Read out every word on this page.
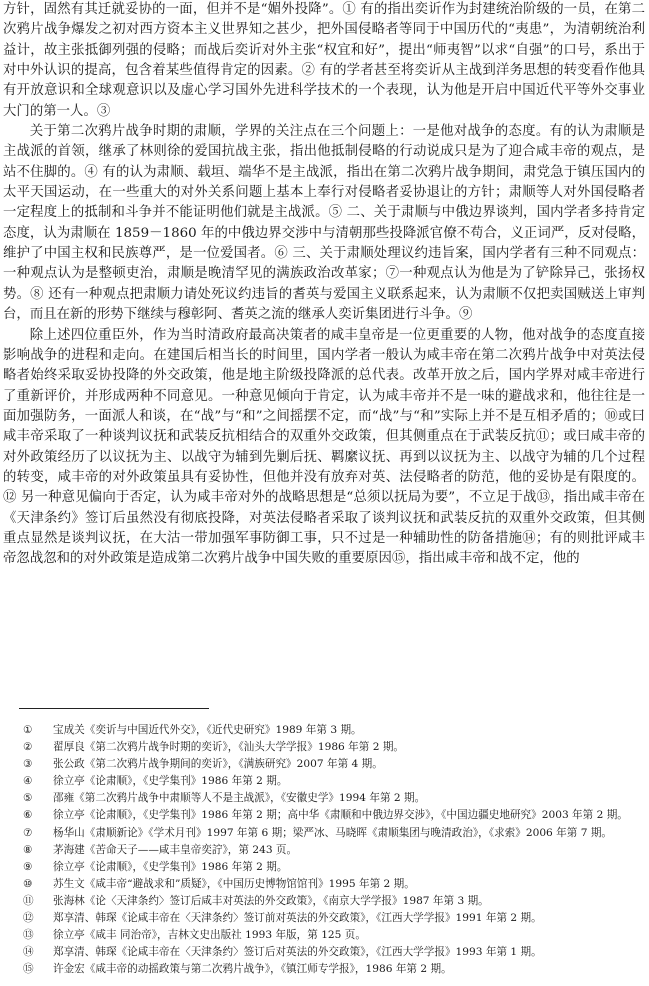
方针，固然有其迁就妥协的一面，但并不是“媚外投降”。① 有的指出奕䜣作为封建统治阶级的一员，在第二次鸦片战争爆发之初对西方资本主义世界知之甚少，把外国侵略者等同于中国历代的“夷患”，为清朝统治利益计，故主张抵御列强的侵略；而战后奕䜣对外主张“权宜和好”，提出“师夷智”以求“自强”的口号，系出于对中外认识的提高，包含着某些值得肯定的因素。② 有的学者甚至将奕䜣从主战到洋务思想的转变看作他具有开放意识和全球观意识以及虚心学习国外先进科学技术的一个表现，认为他是开启中国近代平等外交事业大门的第一人。③

关于第二次鸦片战争时期的肃顺，学界的关注点在三个问题上：一是他对战争的态度。有的认为肃顺是主战派的首领，继承了林则徐的爱国抗战主张，指出他抵制侵略的行动说成只是为了迎合咸丰帝的观点，是站不住脚的。④ 有的认为肃顺、载垣、端华不是主战派，指出在第二次鸦片战争期间，肃党急于镇压国内的太平天国运动，在一些重大的对外关系问题上基本上奉行对侵略者妥协退让的方针；肃顺等人对外国侵略者一定程度上的抵制和斗争并不能证明他们就是主战派。⑤ 二、关于肃顺与中俄边界谈判，国内学者多持肯定态度，认为肃顺在 1859－1860 年的中俄边界交涉中与清朝那些投降派官僚不苟合，义正词严，反对侵略，维护了中国主权和民族尊严，是一位爱国者。⑥ 三、关于肃顺处理议约违旨案，国内学者有三种不同观点：一种观点认为是整顿吏治，肃顺是晚清罕见的满族政治改革家；⑦一种观点认为他是为了铲除异己，张扬权势。⑧ 还有一种观点把肃顺力请处死议约违旨的耆英与爱国主义联系起来，认为肃顺不仅把卖国贼送上审判台，而且在新的形势下继续与穆彰阿、耆英之流的继承人奕䜣集团进行斗争。⑨

除上述四位重臣外，作为当时清政府最高决策者的咸丰皇帝是一位更重要的人物，他对战争的态度直接影响战争的进程和走向。在建国后相当长的时间里，国内学者一般认为咸丰帝在第二次鸦片战争中对英法侵略者始终采取妥协投降的外交政策，他是地主阶级投降派的总代表。改革开放之后，国内学界对咸丰帝进行了重新评价，并形成两种不同意见。一种意见倾向于肯定，认为咸丰帝并不是一味的避战求和，他往往是一面加强防务，一面派人和谈，在“战”与“和”之间摇摆不定，而“战”与“和”实际上并不是互相矛盾的；⑩或曰咸丰帝采取了一种谈判议抚和武装反抗相结合的双重外交政策，但其侧重点在于武装反抗⑪；或曰咸丰帝的对外政策经历了以议抚为主、以战守为辅到先剿后抚、羁縻议抚、再到以议抚为主、以战守为辅的几个过程的转变，咸丰帝的对外政策虽具有妥协性，但他并没有放弃对英、法侵略者的防范，他的妥协是有限度的。⑫ 另一种意见偏向于否定，认为咸丰帝对外的战略思想是“总须以抚局为要”，不立足于战⑬，指出咸丰帝在《天津条约》签订后虽然没有彻底投降，对英法侵略者采取了谈判议抚和武装反抗的双重外交政策，但其侧重点显然是谈判议抚，在大沽一带加强军事防御工事，只不过是一种辅助性的防备措施⑭；有的则批评咸丰帝忽战忽和的对外政策是造成第二次鸦片战争中国失败的重要原因⑮，指出咸丰帝和战不定，他的

①	宝成关《奕䜣与中国近代外交》，《近代史研究》1989 年第 3 期。
②	翟厚良《第二次鸦片战争时期的奕䜣》，《汕头大学学报》1986 年第 2 期。
③	张公政《第二次鸦片战争期间的奕䜣》，《满族研究》2007 年第 4 期。
④	徐立亭《论肃顺》，《史学集刊》1986 年第 2 期。
⑤	邵雍《第二次鸦片战争中肃顺等人不是主战派》，《安徽史学》1994 年第 2 期。
⑥	徐立亭《论肃顺》，《史学集刊》1986 年第 2 期；高中华《肃顺和中俄边界交涉》，《中国边疆史地研究》2003 年第 2 期。
⑦	杨华山《肃顺新论》《学术月刊》1997 年第 6 期；梁严冰、马晓晖《肃顺集团与晚清政治》，《求索》2006 年第 7 期。
⑧	茅海建《苦命天子——咸丰皇帝奕詝》，第 243 页。
⑨	徐立亭《论肃顺》，《史学集刊》1986 年第 2 期。
⑩	苏生文《咸丰帝“避战求和”质疑》，《中国历史博物馆馆刊》1995 年第 2 期。
⑪	张海林《论〈天津条约〉签订后咸丰对英法的外交政策》，《南京大学学报》1987 年第 3 期。
⑫	郑享清、韩琛《论咸丰帝在〈天津条约〉签订前对英法的外交政策》，《江西大学学报》1991 年第 2 期。
⑬	徐立亭《咸丰 同治帝》，吉林文史出版社 1993 年版，第 125 页。
⑭	郑享清、韩琛《论咸丰帝在〈天津条约〉签订后对英法的外交政策》，《江西大学学报》1993 年第 1 期。
⑮	许金宏《咸丰帝的动摇政策与第二次鸦片战争》，《镇江师专学报》，1986 年第 2 期。
